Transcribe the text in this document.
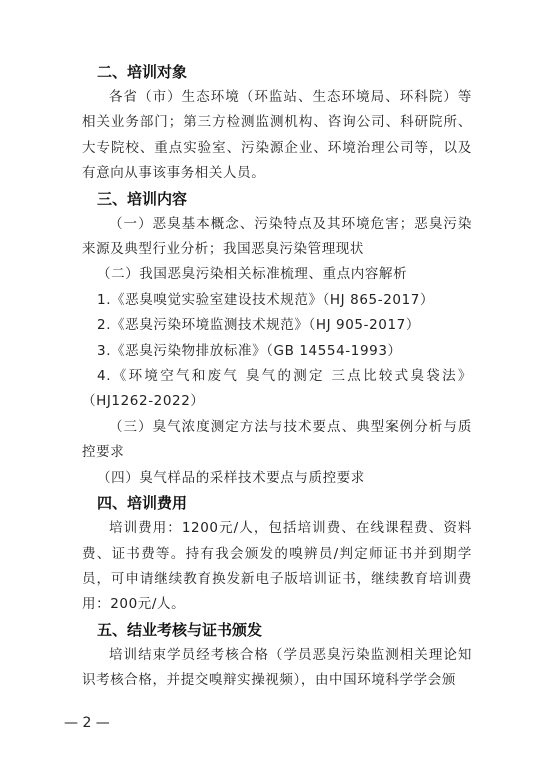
二、培训对象

各省（市）生态环境（环监站、生态环境局、环科院）等相关业务部门；第三方检测监测机构、咨询公司、科研院所、大专院校、重点实验室、污染源企业、环境治理公司等，以及有意向从事该事务相关人员。

三、培训内容

（一）恶臭基本概念、污染特点及其环境危害；恶臭污染来源及典型行业分析；我国恶臭污染管理现状

（二）我国恶臭污染相关标准梳理、重点内容解析

1.《恶臭嗅觉实验室建设技术规范》（HJ 865-2017）

2.《恶臭污染环境监测技术规范》（HJ 905-2017）

3.《恶臭污染物排放标准》（GB 14554-1993）

4.《环境空气和废气 臭气的测定 三点比较式臭袋法》（HJ1262-2022）

（三）臭气浓度测定方法与技术要点、典型案例分析与质控要求

（四）臭气样品的采样技术要点与质控要求

四、培训费用

培训费用：1200元/人，包括培训费、在线课程费、资料费、证书费等。持有我会颁发的嗅辨员/判定师证书并到期学员，可申请继续教育换发新电子版培训证书，继续教育培训费用：200元/人。

五、结业考核与证书颁发

培训结束学员经考核合格（学员恶臭污染监测相关理论知识考核合格，并提交嗅辩实操视频），由中国环境科学学会颁

— 2 —
